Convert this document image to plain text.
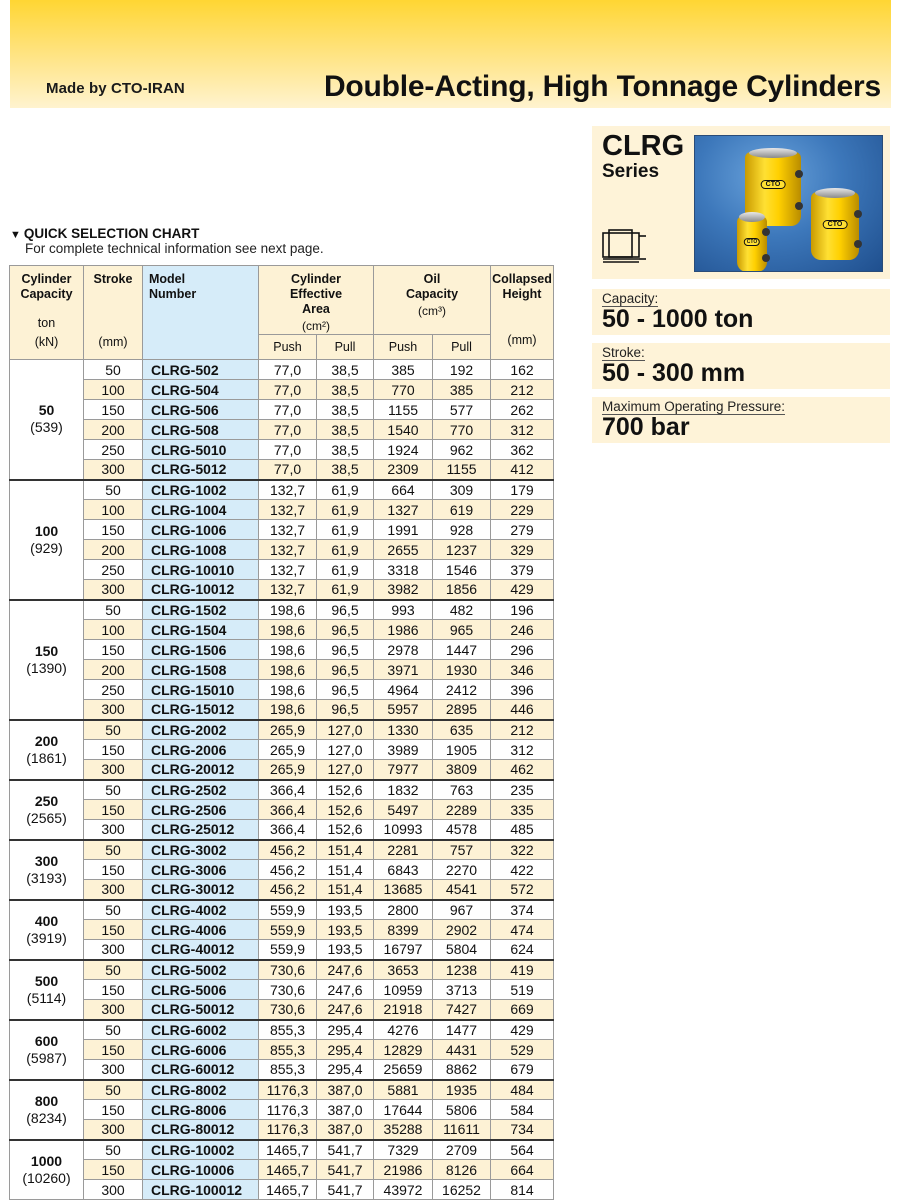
Made by CTO-IRAN	Double-Acting, High Tonnage Cylinders
▼ QUICK SELECTION CHART
For complete technical information see next page.
Cylinder Capacity
ton
(kN)	Stroke
(mm)	Model Number	Cylinder Effective Area
(cm²)		Oil Capacity
(cm³)		Collapsed Height
(mm)

			Push	Pull	Push	Pull	

50
(539)	50	CLRG-502	77,0	38,5	385	192	162
	100	CLRG-504	77,0	38,5	770	385	212
	150	CLRG-506	77,0	38,5	1155	577	262
	200	CLRG-508	77,0	38,5	1540	770	312
	250	CLRG-5010	77,0	38,5	1924	962	362
	300	CLRG-5012	77,0	38,5	2309	1155	412

100
(929)	50	CLRG-1002	132,7	61,9	664	309	179
	100	CLRG-1004	132,7	61,9	1327	619	229
	150	CLRG-1006	132,7	61,9	1991	928	279
	200	CLRG-1008	132,7	61,9	2655	1237	329
	250	CLRG-10010	132,7	61,9	3318	1546	379
	300	CLRG-10012	132,7	61,9	3982	1856	429

150
(1390)	50	CLRG-1502	198,6	96,5	993	482	196
	100	CLRG-1504	198,6	96,5	1986	965	246
	150	CLRG-1506	198,6	96,5	2978	1447	296
	200	CLRG-1508	198,6	96,5	3971	1930	346
	250	CLRG-15010	198,6	96,5	4964	2412	396
	300	CLRG-15012	198,6	96,5	5957	2895	446

200
(1861)	50	CLRG-2002	265,9	127,0	1330	635	212
	150	CLRG-2006	265,9	127,0	3989	1905	312
	300	CLRG-20012	265,9	127,0	7977	3809	462

250
(2565)	50	CLRG-2502	366,4	152,6	1832	763	235
	150	CLRG-2506	366,4	152,6	5497	2289	335
	300	CLRG-25012	366,4	152,6	10993	4578	485

300
(3193)	50	CLRG-3002	456,2	151,4	2281	757	322
	150	CLRG-3006	456,2	151,4	6843	2270	422
	300	CLRG-30012	456,2	151,4	13685	4541	572

400
(3919)	50	CLRG-4002	559,9	193,5	2800	967	374
	150	CLRG-4006	559,9	193,5	8399	2902	474
	300	CLRG-40012	559,9	193,5	16797	5804	624

500
(5114)	50	CLRG-5002	730,6	247,6	3653	1238	419
	150	CLRG-5006	730,6	247,6	10959	3713	519
	300	CLRG-50012	730,6	247,6	21918	7427	669

600
(5987)	50	CLRG-6002	855,3	295,4	4276	1477	429
	150	CLRG-6006	855,3	295,4	12829	4431	529
	300	CLRG-60012	855,3	295,4	25659	8862	679

800
(8234)	50	CLRG-8002	1176,3	387,0	5881	1935	484
	150	CLRG-8006	1176,3	387,0	17644	5806	584
	300	CLRG-80012	1176,3	387,0	35288	11611	734

1000
(10260)	50	CLRG-10002	1465,7	541,7	7329	2709	564
	150	CLRG-10006	1465,7	541,7	21986	8126	664
	300	CLRG-100012	1465,7	541,7	43972	16252	814
CLRG
Series
CTO
CTO
CTO
Capacity:
50 - 1000 ton
Stroke:
50 - 300 mm
Maximum Operating Pressure:
700 bar
